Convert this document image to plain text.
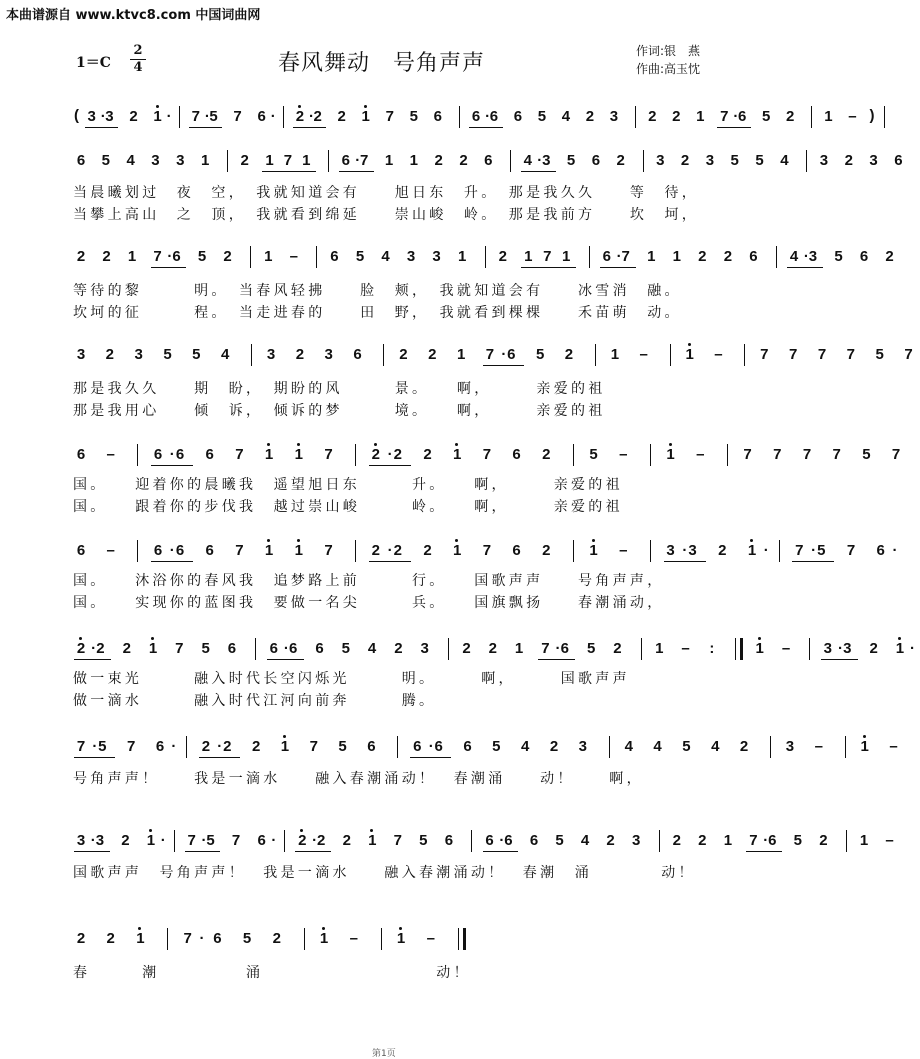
本曲谱源自 www.ktvc8.com 中国词曲网
1＝C
2
4	春风舞动　号角声声	作词:银　燕
作曲:高玉忱
( 3 · 3 2 1 ·	7 · 5 7 6 ·	2 · 2 2 1 7 5 6 6 · 6 6 5 4 2 3 2 2 1 7 · 6 5 2 1 – )
6 5 4 3 3 1 2 1 7 1 6 · 7 1 1 2 2 6 4 · 3 5 6 2 3 2 3 5 5 4 3 2 3 6
当晨曦划过　夜　空，　我就知道会有　　旭日东　升。　那是我久久　　等　待，
当攀上高山　之　顶，　我就看到绵延　　崇山峻　岭。　那是我前方　　坎　坷，
2 2 1 7 · 6 5 2 1 – 6 5 4 3 3 1 2 1 7 1 6 · 7 1 1 2 2 6 4 · 3 5 6 2
等待的黎　　　明。　当春风轻拂　　脸　颊，　我就知道会有　　冰雪消　融。
坎坷的征　　　程。　当走进春的　　田　野，　我就看到棵棵　　禾苗萌　动。
3 2 3 5 5 4	3 2 3 6	2 2 1 7 · 6 5 2	1 –	1 –	7 7 7 7 5 7
那是我久久　　期　盼，　期盼的风　　　景。　　啊，　　　亲爱的祖
那是我用心　　倾　诉，　倾诉的梦　　　境。　　啊，　　　亲爱的祖
6 –	6 · 6 6 7 1 1 7	2 · 2 2 1 7 6 2	5 –	1 –	7 7 7 7 5 7
国。　　迎着你的晨曦我　遥望旭日东　　　升。　　啊，　　　亲爱的祖
国。　　跟着你的步伐我　越过崇山峻　　　岭。　　啊，　　　亲爱的祖
6 –	6 · 6 6 7 1 1 7	2 · 2 2 1 7 6 2	1 –	3 · 3 2 1 ·	7 · 5 7 6 ·
国。　　沐浴你的春风我　追梦路上前　　　行。　　国歌声声　　号角声声，
国。　　实现你的蓝图我　要做一名尖　　　兵。　　国旗飘扬　　春潮涌动，
2 · 2 2 1 7 5 6 6 · 6 6 5 4 2 3 2 2 1 7 · 6 5 2 1 –	:	1 – 3 · 3 2 1 ·
做一束光　　　融入时代长空闪烁光　　　明。　　　啊，　　　国歌声声
做一滴水　　　融入时代江河向前奔　　　腾。
7 · 5 7 6 ·	2 · 2 2 1 7 5 6	6 · 6 6 5 4 2 3	4 4 5 4 2	3 –	1 –
号角声声！　　我是一滴水　　融入春潮涌动！　春潮涌　　动！　　啊，
3 · 3 2 1 ·	7 · 5 7 6 ·	2 · 2 2 1 7 5 6 6 · 6 6 5 4 2 3 2 2 1 7 · 6 5 2 1 –
国歌声声　号角声声！　我是一滴水　　融入春潮涌动！　春潮　涌　　　　动！
2 2 1	7 · 6 5 2	1 –	1 –
春　　　潮　　　　　涌　　　　　　　　　　动！
第1页
